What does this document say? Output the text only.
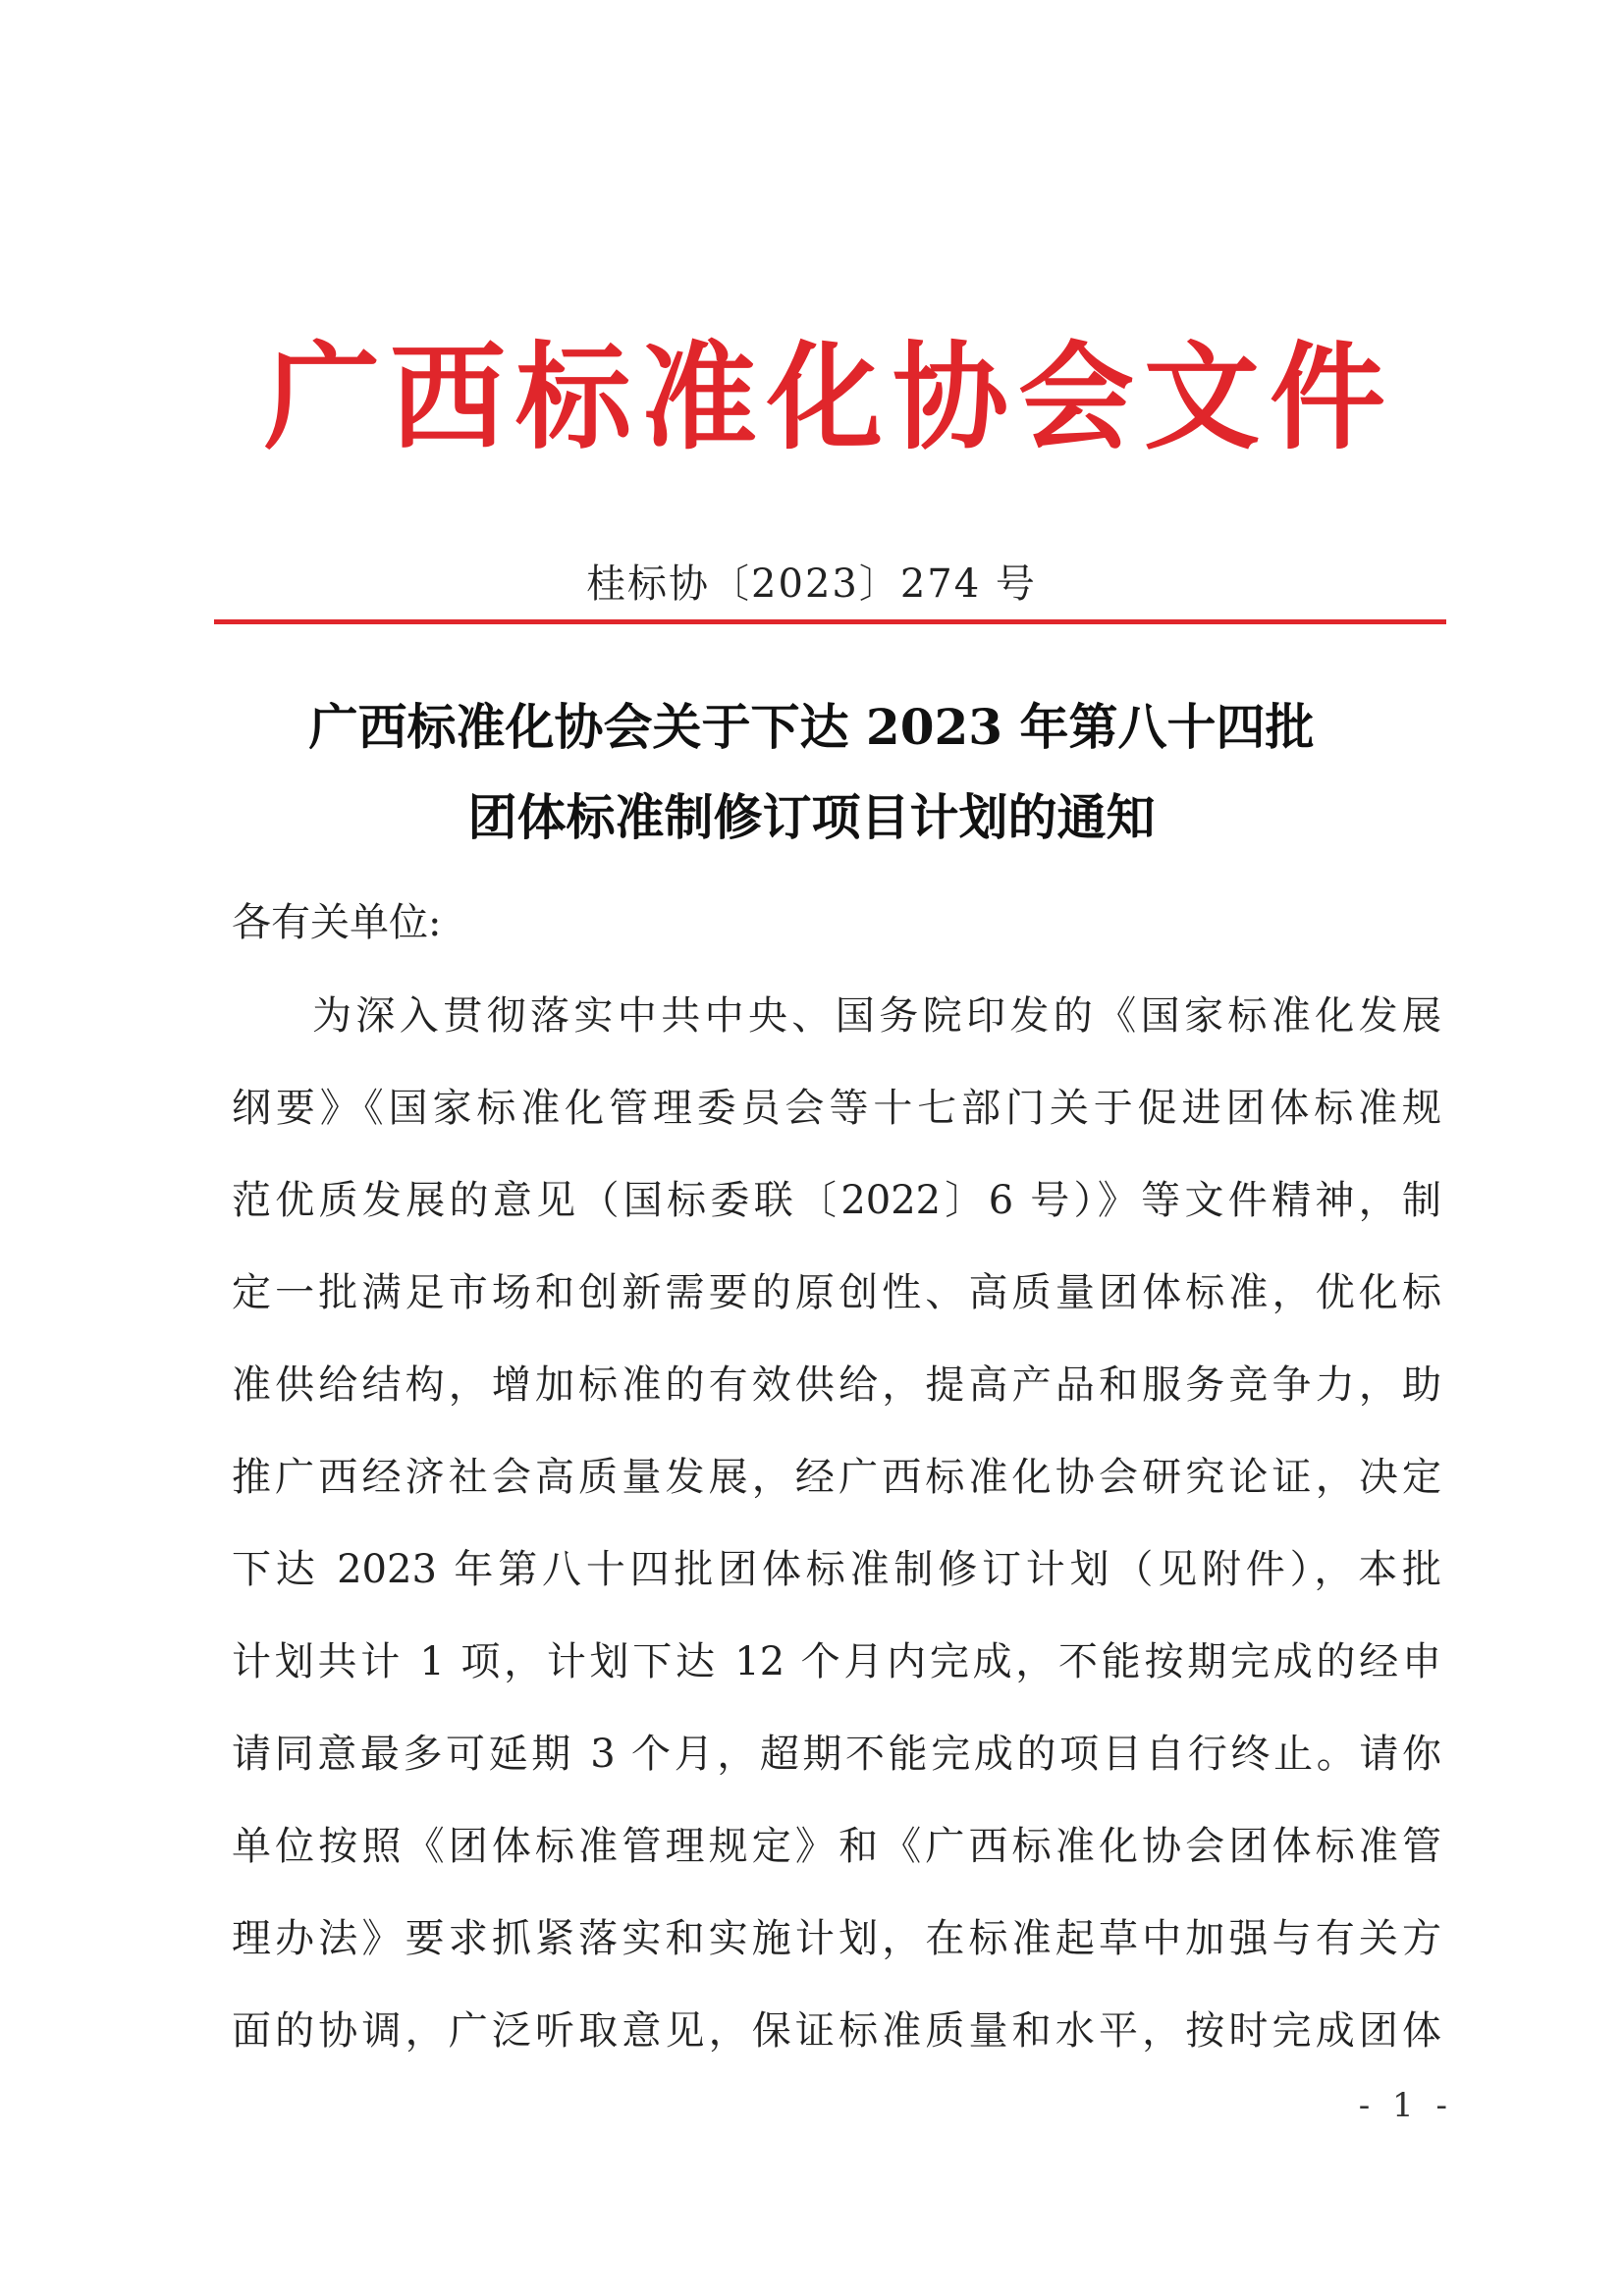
广西标准化协会文件
桂标协〔2023〕274 号
广西标准化协会关于下达 2023 年第八十四批
团体标准制修订项目计划的通知
各有关单位:
为深入贯彻落实中共中央、国务院印发的《国家标准化发展
纲要》《国家标准化管理委员会等十七部门关于促进团体标准规
范优质发展的意见（国标委联〔2022〕6 号）》等文件精神，制
定一批满足市场和创新需要的原创性、高质量团体标准，优化标
准供给结构，增加标准的有效供给，提高产品和服务竞争力，助
推广西经济社会高质量发展，经广西标准化协会研究论证，决定
下达 2023 年第八十四批团体标准制修订计划（见附件），本批
计划共计 1 项，计划下达 12 个月内完成，不能按期完成的经申
请同意最多可延期 3 个月，超期不能完成的项目自行终止。请你
单位按照《团体标准管理规定》和《广西标准化协会团体标准管
理办法》要求抓紧落实和实施计划，在标准起草中加强与有关方
面的协调，广泛听取意见，保证标准质量和水平，按时完成团体
- 1 -
